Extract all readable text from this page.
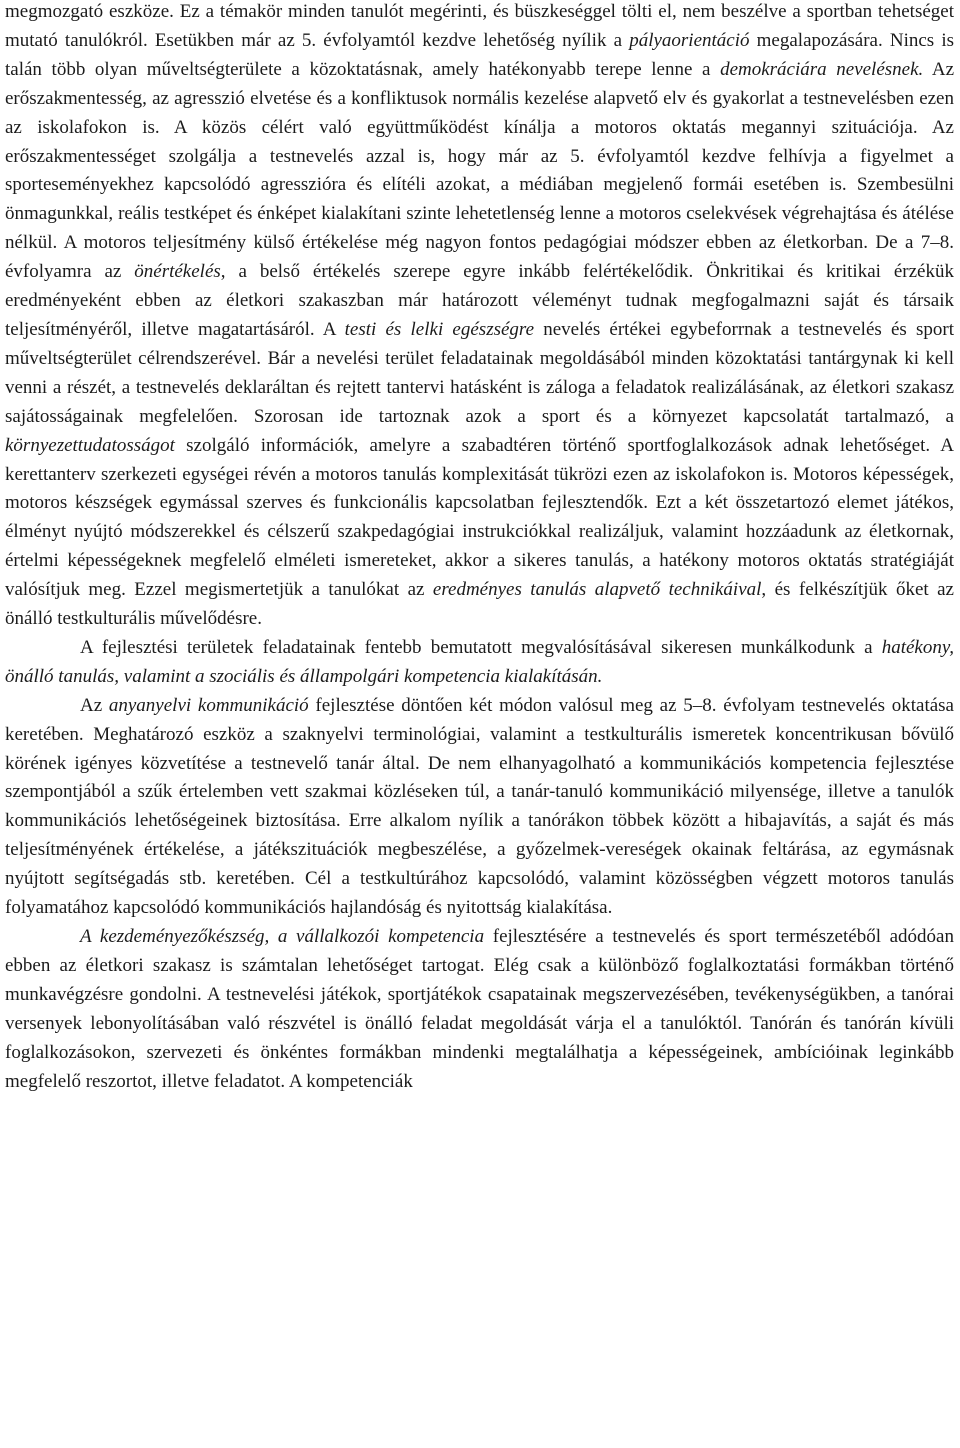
megmozgató eszköze. Ez a témakör minden tanulót megérinti, és büszkeséggel tölti el, nem beszélve a sportban tehetséget mutató tanulókról. Esetükben már az 5. évfolyamtól kezdve lehetőség nyílik a pályaorientáció megalapozására. Nincs is talán több olyan műveltségterülete a közoktatásnak, amely hatékonyabb terepe lenne a demokráciára nevelésnek. Az erőszakmentesség, az agresszió elvetése és a konfliktusok normális kezelése alapvető elv és gyakorlat a testnevelésben ezen az iskolafokon is. A közös célért való együttműködést kínálja a motoros oktatás megannyi szituációja. Az erőszakmentességet szolgálja a testnevelés azzal is, hogy már az 5. évfolyamtól kezdve felhívja a figyelmet a sporteseményekhez kapcsolódó agresszióra és elítéli azokat, a médiában megjelenő formái esetében is. Szembesülni önmagunkkal, reális testképet és énképet kialakítani szinte lehetetlenség lenne a motoros cselekvések végrehajtása és átélése nélkül. A motoros teljesítmény külső értékelése még nagyon fontos pedagógiai módszer ebben az életkorban. De a 7–8. évfolyamra az önértékelés, a belső értékelés szerepe egyre inkább felértékelődik. Önkritikai és kritikai érzékük eredményeként ebben az életkori szakaszban már határozott véleményt tudnak megfogalmazni saját és társaik teljesítményéről, illetve magatartásáról. A testi és lelki egészségre nevelés értékei egybeforrnak a testnevelés és sport műveltségterület célrendszerével. Bár a nevelési terület feladatainak megoldásából minden közoktatási tantárgynak ki kell venni a részét, a testnevelés deklaráltan és rejtett tantervi hatásként is záloga a feladatok realizálásának, az életkori szakasz sajátosságainak megfelelően. Szorosan ide tartoznak azok a sport és a környezet kapcsolatát tartalmazó, a környezettudatosságot szolgáló információk, amelyre a szabadtéren történő sportfoglalkozások adnak lehetőséget. A kerettanterv szerkezeti egységei révén a motoros tanulás komplexitását tükrözi ezen az iskolafokon is. Motoros képességek, motoros készségek egymással szerves és funkcionális kapcsolatban fejlesztendők. Ezt a két összetartozó elemet játékos, élményt nyújtó módszerekkel és célszerű szakpedagógiai instrukciókkal realizáljuk, valamint hozzáadunk az életkornak, értelmi képességeknek megfelelő elméleti ismereteket, akkor a sikeres tanulás, a hatékony motoros oktatás stratégiáját valósítjuk meg. Ezzel megismertetjük a tanulókat az eredményes tanulás alapvető technikáival, és felkészítjük őket az önálló testkulturális művelődésre.

A fejlesztési területek feladatainak fentebb bemutatott megvalósításával sikeresen munkálkodunk a hatékony, önálló tanulás, valamint a szociális és állampolgári kompetencia kialakításán.

Az anyanyelvi kommunikáció fejlesztése döntően két módon valósul meg az 5–8. évfolyam testnevelés oktatása keretében. Meghatározó eszköz a szaknyelvi terminológiai, valamint a testkulturális ismeretek koncentrikusan bővülő körének igényes közvetítése a testnevelő tanár által. De nem elhanyagolható a kommunikációs kompetencia fejlesztése szempontjából a szűk értelemben vett szakmai közléseken túl, a tanár-tanuló kommunikáció milyensége, illetve a tanulók kommunikációs lehetőségeinek biztosítása. Erre alkalom nyílik a tanórákon többek között a hibajavítás, a saját és más teljesítményének értékelése, a játékszituációk megbeszélése, a győzelmek-vereségek okainak feltárása, az egymásnak nyújtott segítségadás stb. keretében. Cél a testkultúrához kapcsolódó, valamint közösségben végzett motoros tanulás folyamatához kapcsolódó kommunikációs hajlandóság és nyitottság kialakítása.

A kezdeményezőkészség, a vállalkozói kompetencia fejlesztésére a testnevelés és sport természetéből adódóan ebben az életkori szakasz is számtalan lehetőséget tartogat. Elég csak a különböző foglalkoztatási formákban történő munkavégzésre gondolni. A testnevelési játékok, sportjátékok csapatainak megszervezésében, tevékenységükben, a tanórai versenyek lebonyolításában való részvétel is önálló feladat megoldását várja el a tanulóktól. Tanórán és tanórán kívüli foglalkozásokon, szervezeti és önkéntes formákban mindenki megtalálhatja a képességeinek, ambícióinak leginkább megfelelő reszortot, illetve feladatot. A kompetenciák
